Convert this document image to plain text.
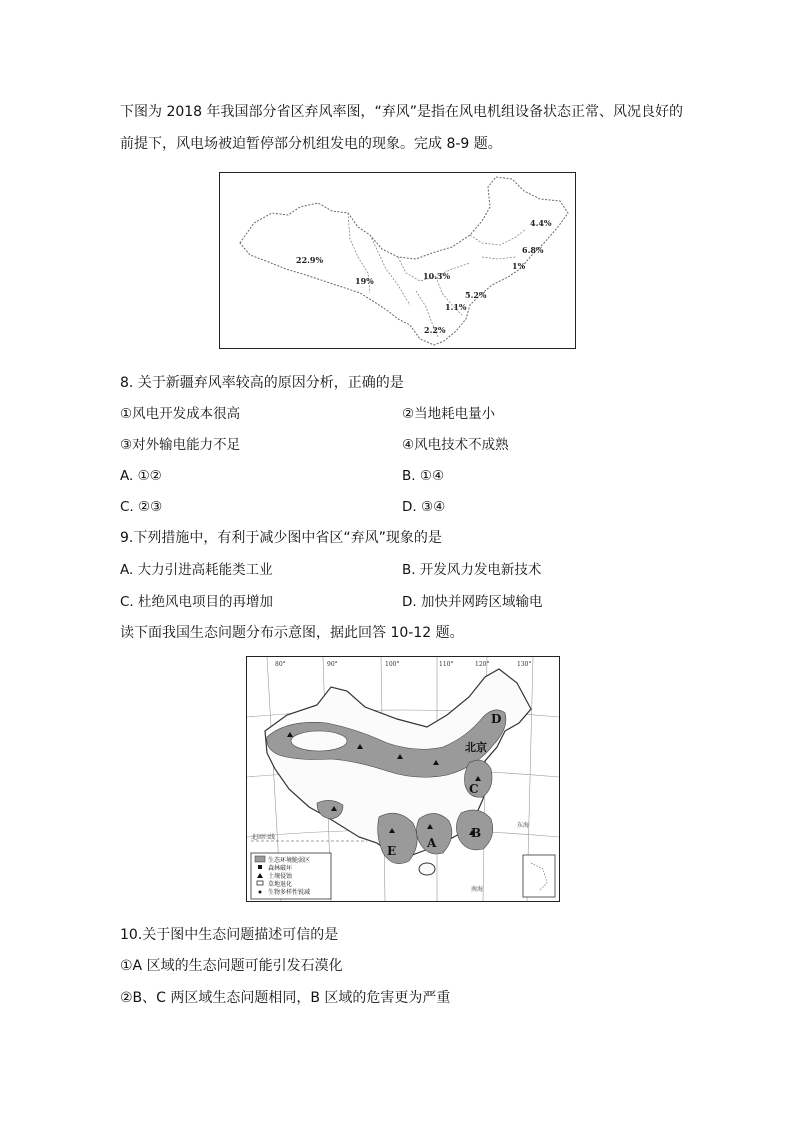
下图为 2018 年我国部分省区弃风率图，“弃风”是指在风电机组设备状态正常、风况良好的
前提下，风电场被迫暂停部分机组发电的现象。完成 8-9 题。
22.9%
19%	10.3%
4.4%
6.8%
1%
5.2%
1.1%
2.2%
8. 关于新疆弃风率较高的原因分析，正确的是
①风电开发成本很高	②当地耗电量小
③对外输电能力不足	④风电技术不成熟
A. ①②	B. ①④
C. ②③	D. ③④
9.下列措施中，有利于减少图中省区“弃风”现象的是
A. 大力引进高耗能类工业	B. 开发风力发电新技术
C. 杜绝风电项目的再增加	D. 加快并网跨区域输电
读下面我国生态问题分布示意图，据此回答 10-12 题。
80°	90°	100°	110°	120°	130°
D
北京
C
B
A
E
东海
南海
北回归线
生态环境脆弱区
森林破坏
土壤侵蚀
草地退化
生物多样性锐减
10.关于图中生态问题描述可信的是
①A 区域的生态问题可能引发石漠化
②B、C 两区域生态问题相同，B 区域的危害更为严重
